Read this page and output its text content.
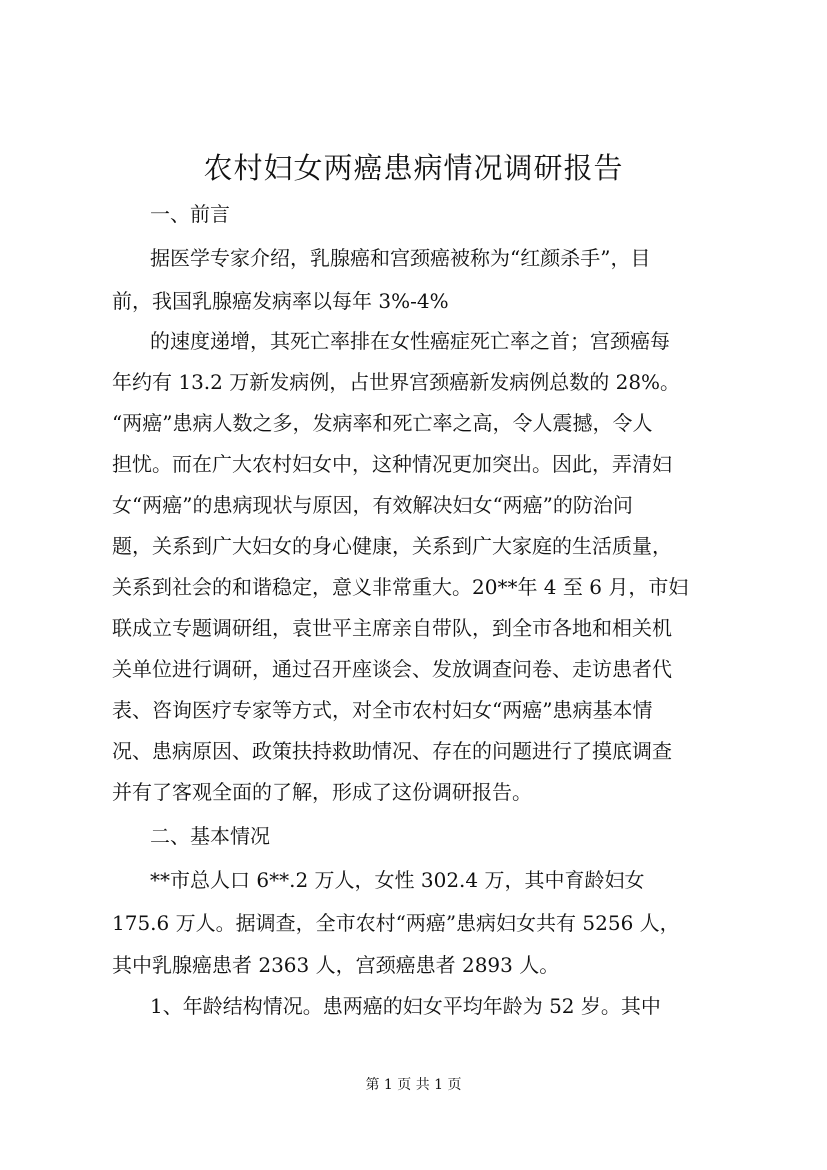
农村妇女两癌患病情况调研报告

一、前言

据医学专家介绍，乳腺癌和宫颈癌被称为“红颜杀手”，目

前，我国乳腺癌发病率以每年 3%-4%

的速度递增，其死亡率排在女性癌症死亡率之首；宫颈癌每

年约有 13.2 万新发病例，占世界宫颈癌新发病例总数的 28%。

“两癌”患病人数之多，发病率和死亡率之高，令人震撼，令人

担忧。而在广大农村妇女中，这种情况更加突出。因此，弄清妇

女“两癌”的患病现状与原因，有效解决妇女“两癌”的防治问

题，关系到广大妇女的身心健康，关系到广大家庭的生活质量，

关系到社会的和谐稳定，意义非常重大。20**年 4 至 6 月，市妇

联成立专题调研组，袁世平主席亲自带队，到全市各地和相关机

关单位进行调研，通过召开座谈会、发放调查问卷、走访患者代

表、咨询医疗专家等方式，对全市农村妇女“两癌”患病基本情

况、患病原因、政策扶持救助情况、存在的问题进行了摸底调查

并有了客观全面的了解，形成了这份调研报告。

二、基本情况

**市总人口 6**.2 万人，女性 302.4 万，其中育龄妇女

175.6 万人。据调查，全市农村“两癌”患病妇女共有 5256 人，

其中乳腺癌患者 2363 人，宫颈癌患者 2893 人。

1、年龄结构情况。患两癌的妇女平均年龄为 52 岁。其中

第 1 页 共 1 页
